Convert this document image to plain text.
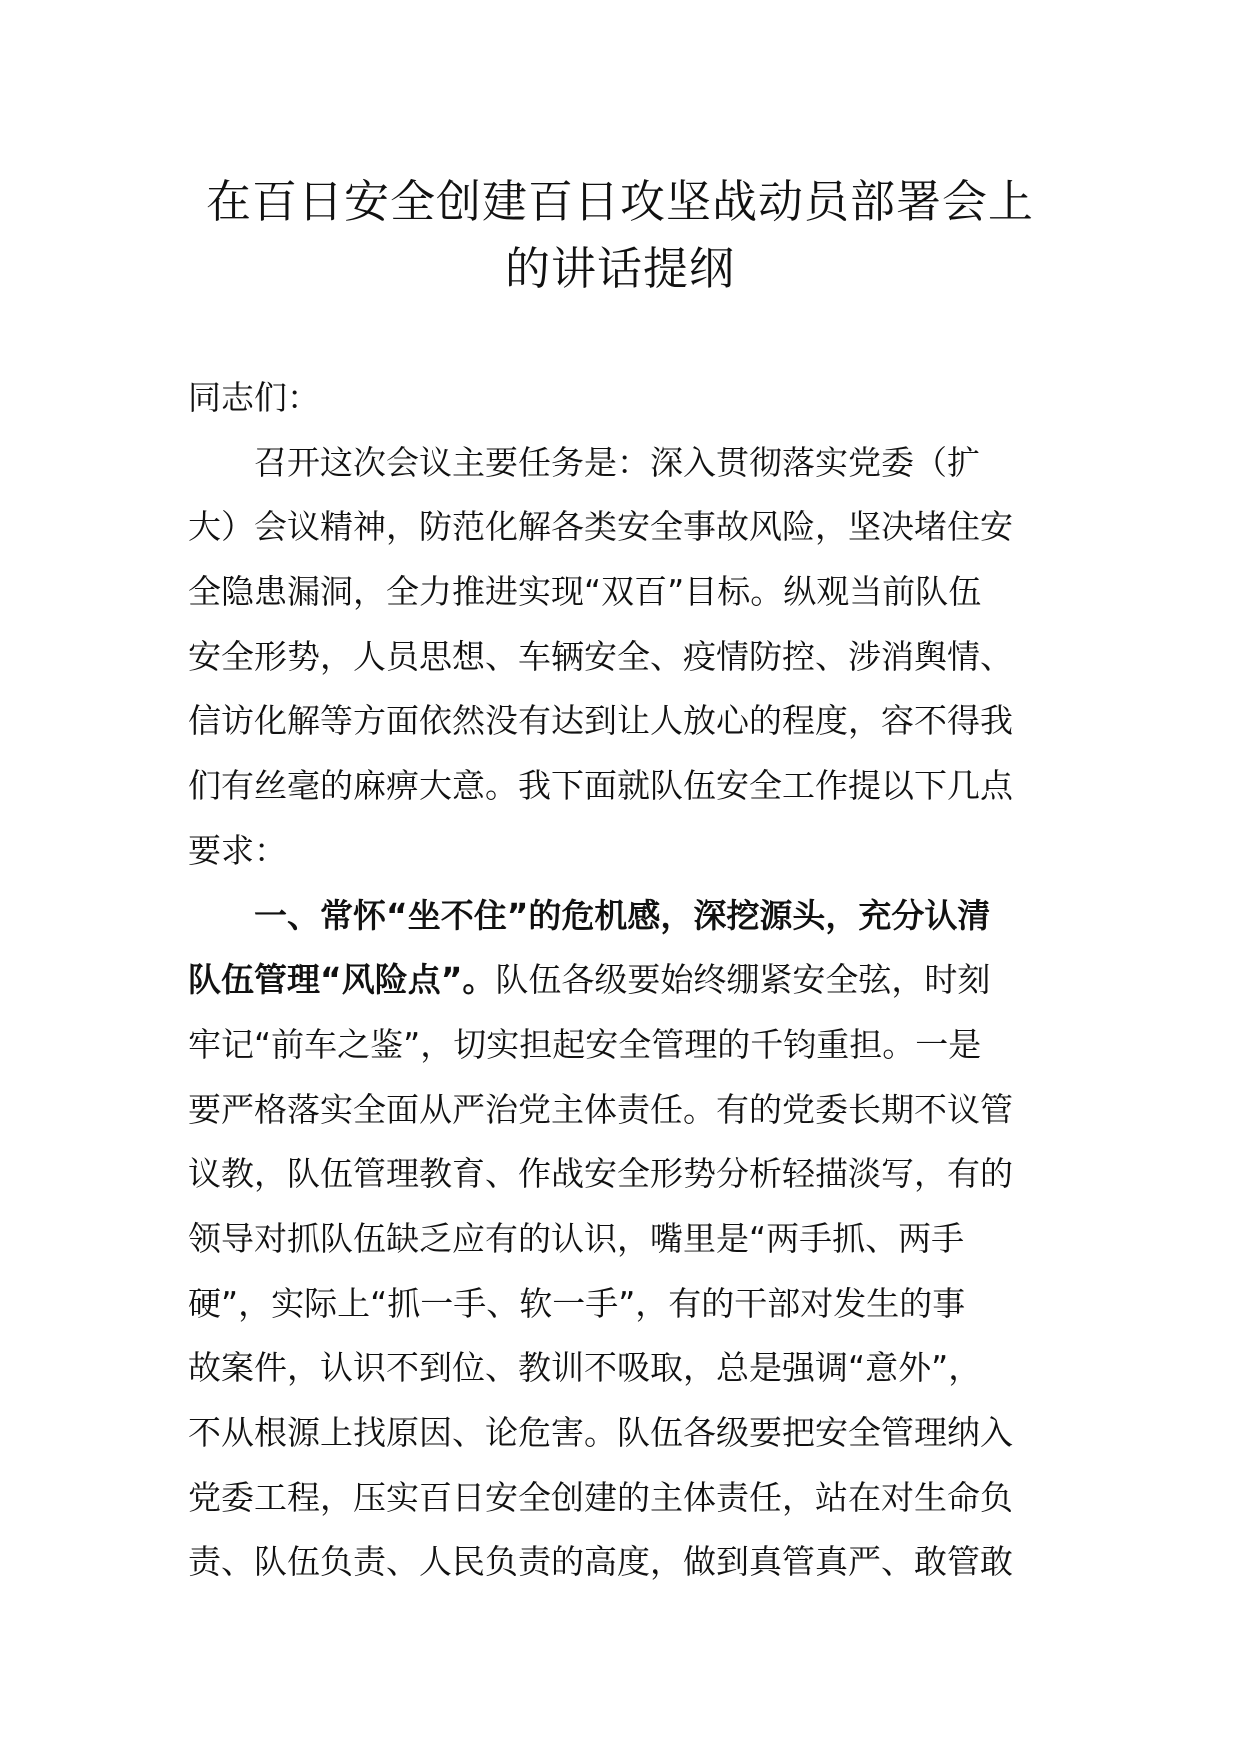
在百日安全创建百日攻坚战动员部署会上
的讲话提纲
同志们：
召开这次会议主要任务是：深入贯彻落实党委（扩
大）会议精神，防范化解各类安全事故风险，坚决堵住安
全隐患漏洞，全力推进实现“双百”目标。纵观当前队伍
安全形势，人员思想、车辆安全、疫情防控、涉消舆情、
信访化解等方面依然没有达到让人放心的程度，容不得我
们有丝毫的麻痹大意。我下面就队伍安全工作提以下几点
要求：
一、常怀“坐不住”的危机感，深挖源头，充分认清
队伍管理“风险点”。队伍各级要始终绷紧安全弦，时刻
牢记“前车之鉴”，切实担起安全管理的千钧重担。一是
要严格落实全面从严治党主体责任。有的党委长期不议管
议教，队伍管理教育、作战安全形势分析轻描淡写，有的
领导对抓队伍缺乏应有的认识，嘴里是“两手抓、两手
硬”，实际上“抓一手、软一手”，有的干部对发生的事
故案件，认识不到位、教训不吸取，总是强调“意外”，
不从根源上找原因、论危害。队伍各级要把安全管理纳入
党委工程，压实百日安全创建的主体责任，站在对生命负
责、队伍负责、人民负责的高度，做到真管真严、敢管敢
